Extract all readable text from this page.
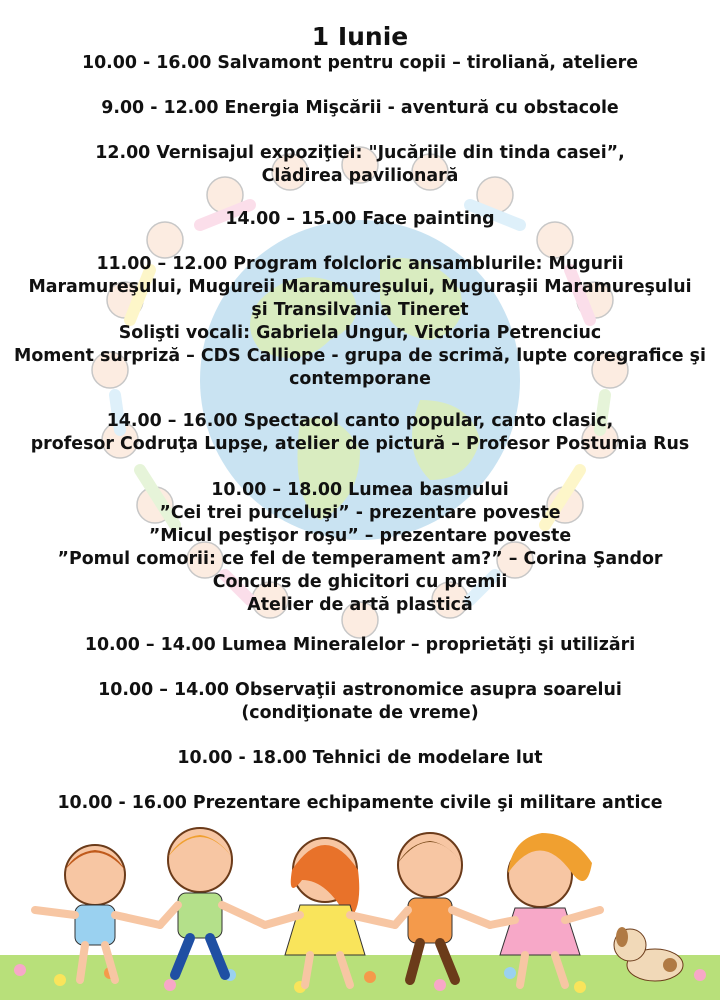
1 Iunie
10.00 - 16.00 Salvamont pentru copii – tiroliană, ateliere
9.00 - 12.00 Energia Mişcării - aventură cu obstacole
12.00 Vernisajul expoziţiei: "Jucăriile din tinda casei”,
Clădirea pavilionară
14.00 – 15.00 Face painting
11.00 – 12.00 Program folcloric ansamblurile: Mugurii
Maramureşului, Mugureii Maramureşului, Muguraşii Maramureşului
şi Transilvania Tineret
Solişti vocali: Gabriela Ungur, Victoria Petrenciuc
Moment surpriză – CDS Calliope - grupa de scrimă, lupte coregrafice şi
contemporane
14.00 – 16.00 Spectacol canto popular, canto clasic,
profesor Codruţa Lupşe, atelier de pictură – Profesor Postumia Rus
10.00 – 18.00 Lumea basmului
”Cei trei purceluşi” - prezentare poveste
”Micul peştişor roşu” – prezentare poveste
”Pomul comorii: ce fel de temperament am?” – Corina Şandor
Concurs de ghicitori cu premii
Atelier de artă plastică
10.00 – 14.00 Lumea Mineralelor – proprietăţi şi utilizări
10.00 – 14.00 Observaţii astronomice asupra soarelui
(condiţionate de vreme)
10.00 - 18.00 Tehnici de modelare lut
10.00 - 16.00 Prezentare echipamente civile şi militare antice
